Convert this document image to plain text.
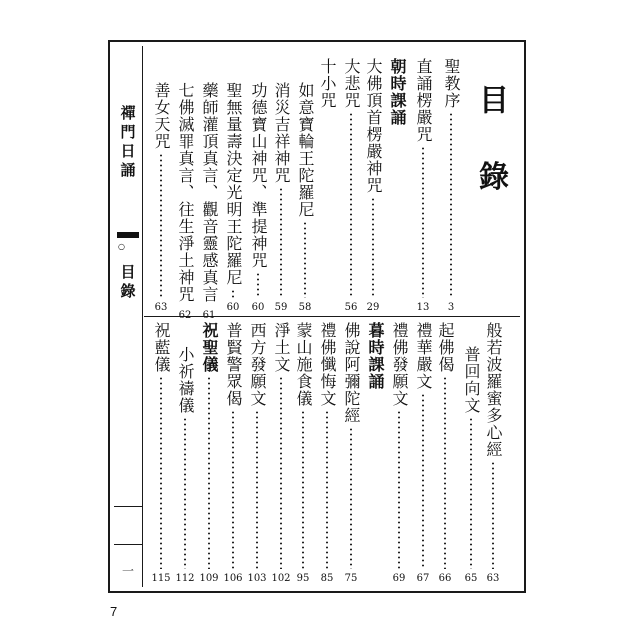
禪門日誦
○
目錄
一
目 錄
聖教序
3
直誦楞嚴咒
13
朝時課誦
大佛頂首楞嚴神咒
29
大悲咒
56
十小咒
如意寶輪王陀羅尼
58
消災吉祥神咒
59
功德寶山神咒、準提神咒
60
聖無量壽決定光明王陀羅尼
60
藥師灌頂真言、觀音靈感真言
61
七佛滅罪真言、往生淨土神咒
62
善女天咒
63
般若波羅蜜多心經
63
普回向文
65
起佛偈
66
禮華嚴文
67
禮佛發願文
69
暮時課誦
佛說阿彌陀經
75
禮佛懺悔文
85
蒙山施食儀
95
淨土文
102
西方發願文
103
普賢警眾偈
106
祝聖儀
109
小祈禱儀
112
祝藍儀
115
7
